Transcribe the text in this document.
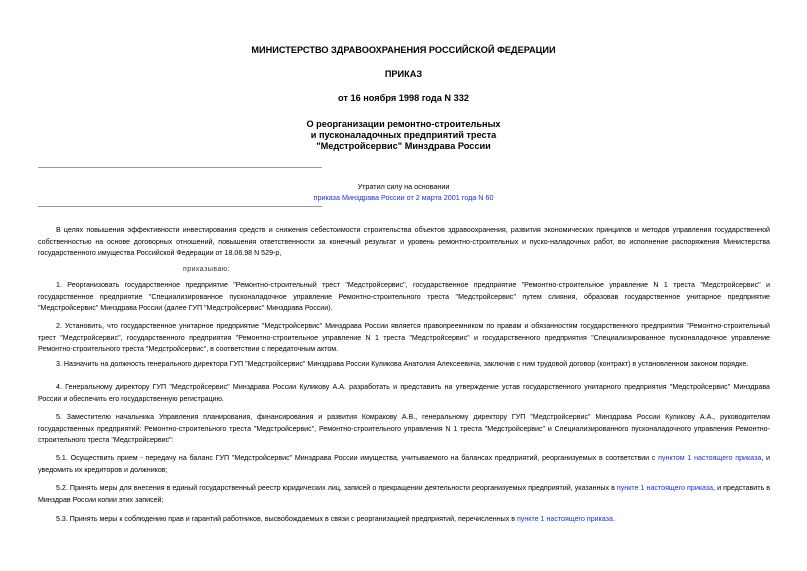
МИНИСТЕРСТВО ЗДРАВООХРАНЕНИЯ РОССИЙСКОЙ ФЕДЕРАЦИИ
ПРИКАЗ
от 16 ноября 1998 года N 332
О реорганизации ремонтно-строительных
и пусконаладочных предприятий треста
"Медстройсервис" Минздрава России
Утратил силу на основании
приказа Минздрава России от 2 марта 2001 года N 60
В целях повышения эффективности инвестирования средств и снижения себестоимости строительства объектов здравоохранения, развития экономических принципов и методов управления государственной собственностью на основе договорных отношений, повышения ответственности за конечный результат и уровень ремонтно-строительных и пуско-наладочных работ, во исполнение распоряжения Министерства государственного имущества Российской Федерации от 18.06.98 N 529-р,
приказываю:
1. Реорганизовать государственное предприятие "Ремонтно-строительный трест "Медстройсервис", государственное предприятие "Ремонтно-строительное управление N 1 треста "Медстройсервис" и государственное предприятие "Специализированное пусконаладочное управление Ремонтно-строительного треста "Медстройсервис" путем слияния, образовав государственное унитарное предприятие "Медстройсервис" Минздрава России (далее ГУП "Медстройсервис" Минздрава России).
2. Установить, что государственное унитарное предприятие "Медстройсервис" Минздрава России является правопреемником по правам и обязанностям государственного предприятия "Ремонтно-строительный трест "Медстройсервис", государственного предприятия "Ремонтно-строительное управление N 1 треста "Медстройсервис" и государственного предприятия "Специализированное пусконаладочное управление Ремонтно-строительного треста "Медстройсервис", в соответствии с передаточным актом.
3. Назначить на должность генерального директора ГУП "Медстройсервис" Минздрава России Куликова Анатолия Алексеевича, заключив с ним трудовой договор (контракт) в установленном законом порядке.
4. Генеральному директору ГУП "Медстройсервис" Минздрава России Куликову А.А. разработать и представить на утверждение устав государственного унитарного предприятия "Медстройсервис" Минздрава России и обеспечить его государственную регистрацию.
5. Заместителю начальника Управления планирования, финансирования и развития Комракову А.В., генеральному директору ГУП "Медстройсервис" Минздрава России Куликову А.А., руководителям государственных предприятий: Ремонтно-строительного треста "Медстройсервис", Ремонтно-строительного управления N 1 треста "Медстройсервис" и Специализированного пусконаладочного управления Ремонтно-строительного треста "Медстройсервис":
5.1. Осуществить прием - передачу на баланс ГУП "Медстройсервис" Минздрава России имущества, учитываемого на балансах предприятий, реорганизуемых в соответствии с пунктом 1 настоящего приказа, и уведомить их кредиторов и должников;
5.2. Принять меры для внесения в единый государственный реестр юридических лиц, записей о прекращении деятельности реорганизуемых предприятий, указанных в пункте 1 настоящего приказа, и представить в Минздрав России копии этих записей;
5.3. Принять меры к соблюдению прав и гарантий работников, высвобождаемых в связи с реорганизацией предприятий, перечисленных в пункте 1 настоящего приказа.
